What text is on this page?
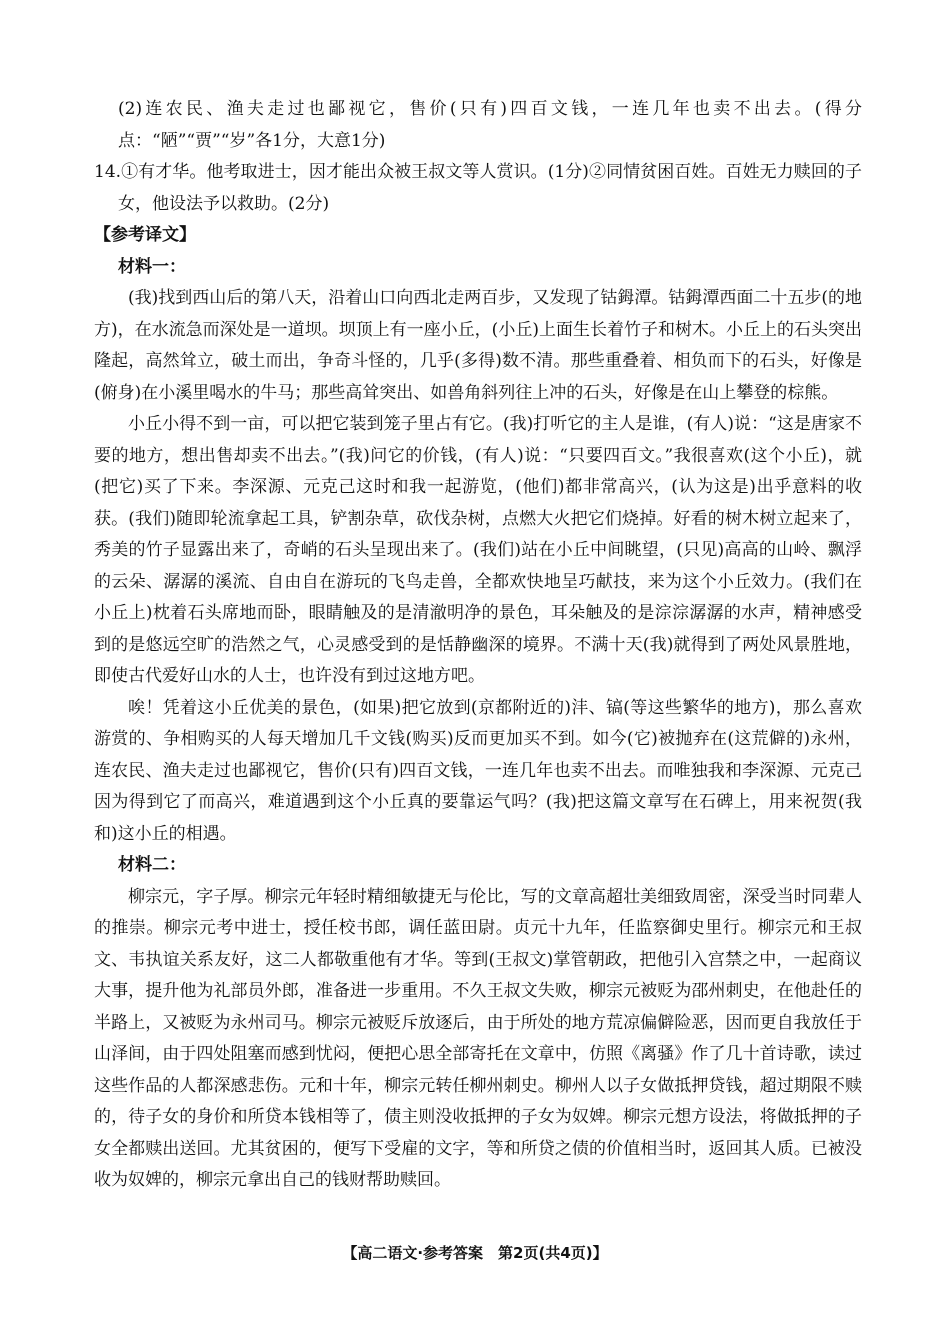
(2)连农民、渔夫走过也鄙视它，售价(只有)四百文钱，一连几年也卖不出去。(得分点：“陋”“贾”“岁”各1分，大意1分)

14.①有才华。他考取进士，因才能出众被王叔文等人赏识。(1分)②同情贫困百姓。百姓无力赎回的子女，他设法予以救助。(2分)

【参考译文】

材料一：

(我)找到西山后的第八天，沿着山口向西北走两百步，又发现了钴鉧潭。钴鉧潭西面二十五步(的地方)，在水流急而深处是一道坝。坝顶上有一座小丘，(小丘)上面生长着竹子和树木。小丘上的石头突出隆起，高然耸立，破土而出，争奇斗怪的，几乎(多得)数不清。那些重叠着、相负而下的石头，好像是(俯身)在小溪里喝水的牛马；那些高耸突出、如兽角斜列往上冲的石头，好像是在山上攀登的棕熊。

小丘小得不到一亩，可以把它装到笼子里占有它。(我)打听它的主人是谁，(有人)说：“这是唐家不要的地方，想出售却卖不出去。”(我)问它的价钱，(有人)说：“只要四百文。”我很喜欢(这个小丘)，就(把它)买了下来。李深源、元克己这时和我一起游览，(他们)都非常高兴，(认为这是)出乎意料的收获。(我们)随即轮流拿起工具，铲割杂草，砍伐杂树，点燃大火把它们烧掉。好看的树木树立起来了，秀美的竹子显露出来了，奇峭的石头呈现出来了。(我们)站在小丘中间眺望，(只见)高高的山岭、飘浮的云朵、潺潺的溪流、自由自在游玩的飞鸟走兽，全都欢快地呈巧献技，来为这个小丘效力。(我们在小丘上)枕着石头席地而卧，眼睛触及的是清澈明净的景色，耳朵触及的是淙淙潺潺的水声，精神感受到的是悠远空旷的浩然之气，心灵感受到的是恬静幽深的境界。不满十天(我)就得到了两处风景胜地，即使古代爱好山水的人士，也许没有到过这地方吧。

唉！凭着这小丘优美的景色，(如果)把它放到(京都附近的)沣、镐(等这些繁华的地方)，那么喜欢游赏的、争相购买的人每天增加几千文钱(购买)反而更加买不到。如今(它)被抛弃在(这荒僻的)永州，连农民、渔夫走过也鄙视它，售价(只有)四百文钱，一连几年也卖不出去。而唯独我和李深源、元克己因为得到它了而高兴，难道遇到这个小丘真的要靠运气吗？(我)把这篇文章写在石碑上，用来祝贺(我和)这小丘的相遇。

材料二：

柳宗元，字子厚。柳宗元年轻时精细敏捷无与伦比，写的文章高超壮美细致周密，深受当时同辈人的推崇。柳宗元考中进士，授任校书郎，调任蓝田尉。贞元十九年，任监察御史里行。柳宗元和王叔文、韦执谊关系友好，这二人都敬重他有才华。等到(王叔文)掌管朝政，把他引入宫禁之中，一起商议大事，提升他为礼部员外郎，准备进一步重用。不久王叔文失败，柳宗元被贬为邵州刺史，在他赴任的半路上，又被贬为永州司马。柳宗元被贬斥放逐后，由于所处的地方荒凉偏僻险恶，因而更自我放任于山泽间，由于四处阻塞而感到忧闷，便把心思全部寄托在文章中，仿照《离骚》作了几十首诗歌，读过这些作品的人都深感悲伤。元和十年，柳宗元转任柳州刺史。柳州人以子女做抵押贷钱，超过期限不赎的，待子女的身价和所贷本钱相等了，债主则没收抵押的子女为奴婢。柳宗元想方设法，将做抵押的子女全都赎出送回。尤其贫困的，便写下受雇的文字，等和所贷之债的价值相当时，返回其人质。已被没收为奴婢的，柳宗元拿出自己的钱财帮助赎回。

【高二语文·参考答案　第2页(共4页)】
